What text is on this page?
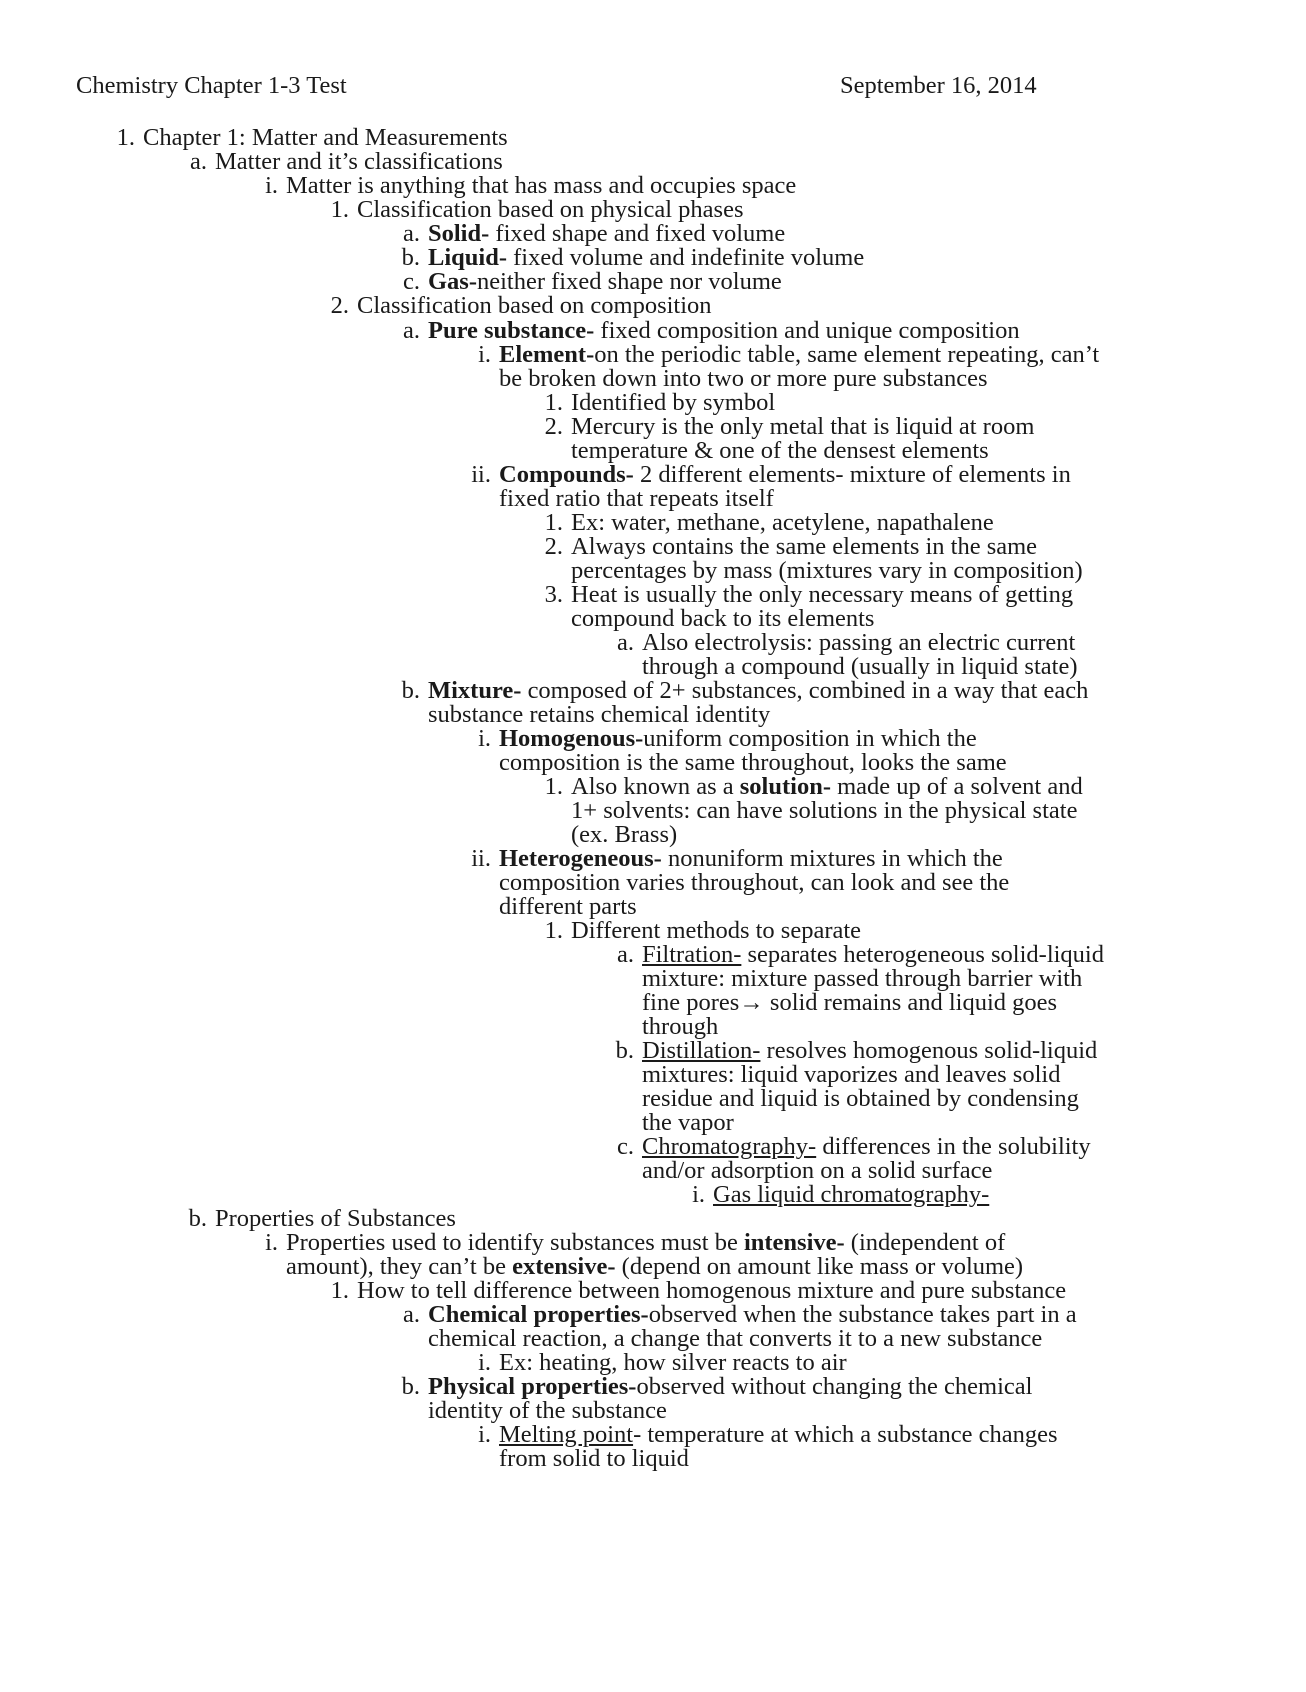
Chemistry Chapter 1-3 Test	September 16, 2014
1. Chapter 1: Matter and Measurements
a. Matter and it’s classifications
i. Matter is anything that has mass and occupies space
1. Classification based on physical phases
a. Solid- fixed shape and fixed volume
b. Liquid- fixed volume and indefinite volume
c. Gas-neither fixed shape nor volume
2. Classification based on composition
a. Pure substance- fixed composition and unique composition
i. Element-on the periodic table, same element repeating, can’t
be broken down into two or more pure substances
1. Identified by symbol
2. Mercury is the only metal that is liquid at room
temperature & one of the densest elements
ii. Compounds- 2 different elements- mixture of elements in
fixed ratio that repeats itself
1. Ex: water, methane, acetylene, napathalene
2. Always contains the same elements in the same
percentages by mass (mixtures vary in composition)
3. Heat is usually the only necessary means of getting
compound back to its elements
a. Also electrolysis: passing an electric current
through a compound (usually in liquid state)
b. Mixture- composed of 2+ substances, combined in a way that each
substance retains chemical identity
i. Homogenous-uniform composition in which the
composition is the same throughout, looks the same
1. Also known as a solution- made up of a solvent and
1+ solvents: can have solutions in the physical state
(ex. Brass)
ii. Heterogeneous- nonuniform mixtures in which the
composition varies throughout, can look and see the
different parts
1. Different methods to separate
a. Filtration- separates heterogeneous solid-liquid
mixture: mixture passed through barrier with
fine pores→ solid remains and liquid goes
through
b. Distillation- resolves homogenous solid-liquid
mixtures: liquid vaporizes and leaves solid
residue and liquid is obtained by condensing
the vapor
c. Chromatography- differences in the solubility
and/or adsorption on a solid surface
i. Gas liquid chromatography-
b. Properties of Substances
i. Properties used to identify substances must be intensive- (independent of
amount), they can’t be extensive- (depend on amount like mass or volume)
1. How to tell difference between homogenous mixture and pure substance
a. Chemical properties-observed when the substance takes part in a
chemical reaction, a change that converts it to a new substance
i. Ex: heating, how silver reacts to air
b. Physical properties-observed without changing the chemical
identity of the substance
i. Melting point- temperature at which a substance changes
from solid to liquid
